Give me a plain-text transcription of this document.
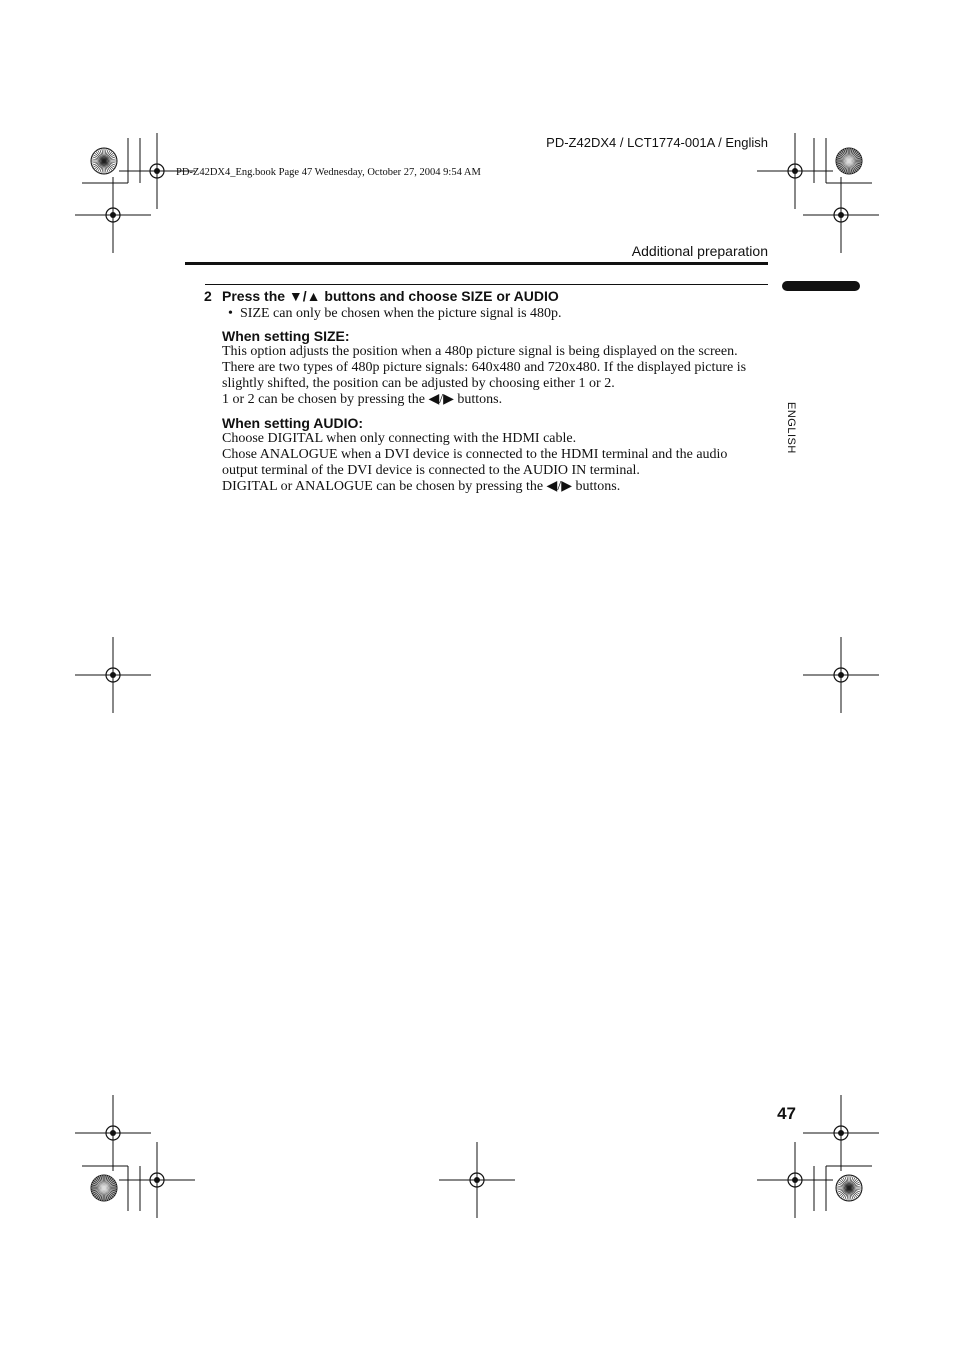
PD-Z42DX4 / LCT1774-001A / English
PD-Z42DX4_Eng.book Page 47 Wednesday, October 27, 2004 9:54 AM
Additional preparation
ENGLISH
2 Press the ▼/▲ buttons and choose SIZE or AUDIO
• SIZE can only be chosen when the picture signal is 480p.
When setting SIZE:

This option adjusts the position when a 480p picture signal is being displayed on the screen.
There are two types of 480p picture signals: 640x480 and 720x480. If the displayed picture is
slightly shifted, the position can be adjusted by choosing either 1 or 2.
1 or 2 can be chosen by pressing the ◀/▶ buttons.

When setting AUDIO:

Choose DIGITAL when only connecting with the HDMI cable.
Chose ANALOGUE when a DVI device is connected to the HDMI terminal and the audio
output terminal of the DVI device is connected to the AUDIO IN terminal.
DIGITAL or ANALOGUE can be chosen by pressing the ◀/▶ buttons.

47
